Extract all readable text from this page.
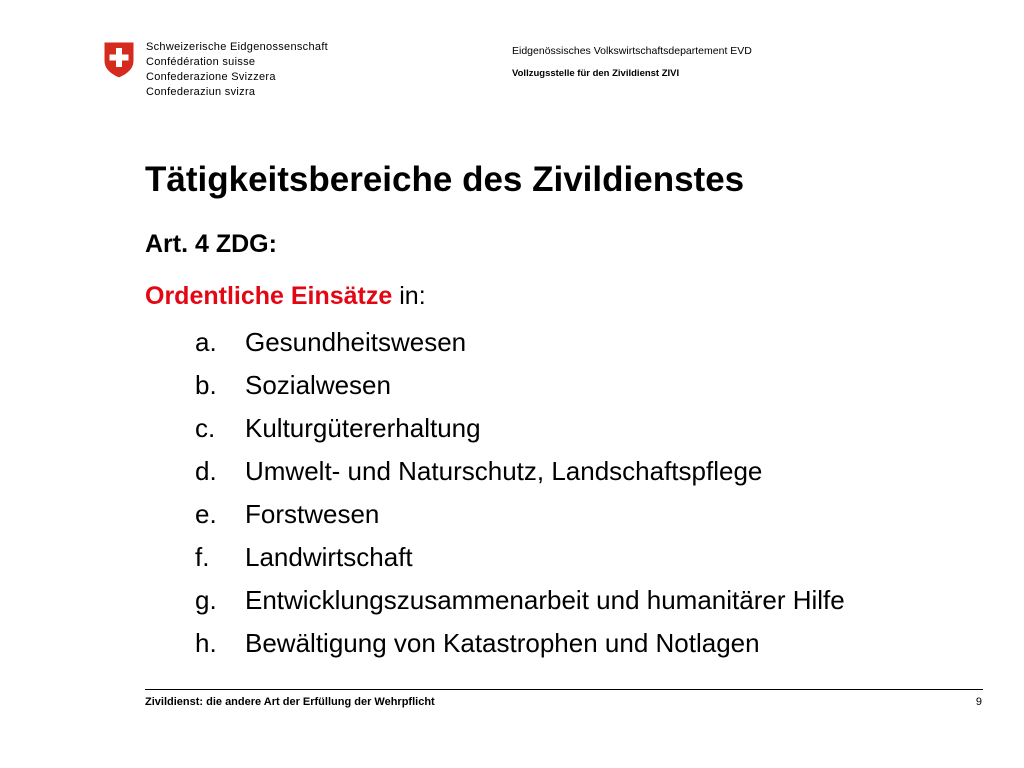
Schweizerische Eidgenossenschaft
Confédération suisse
Confederazione Svizzera
Confederaziun svizra
Eidgenössisches Volkswirtschaftsdepartement EVD
Vollzugsstelle für den Zivildienst ZIVI
Tätigkeitsbereiche des Zivildienstes
Art. 4 ZDG:
Ordentliche Einsätze in:
a. Gesundheitswesen
b. Sozialwesen
c. Kulturgütererhaltung
d. Umwelt- und Naturschutz, Landschaftspflege
e. Forstwesen
f. Landwirtschaft
g. Entwicklungszusammenarbeit und humanitärer Hilfe
h. Bewältigung von Katastrophen und Notlagen
Zivildienst: die andere Art der Erfüllung der Wehrpflicht	9
